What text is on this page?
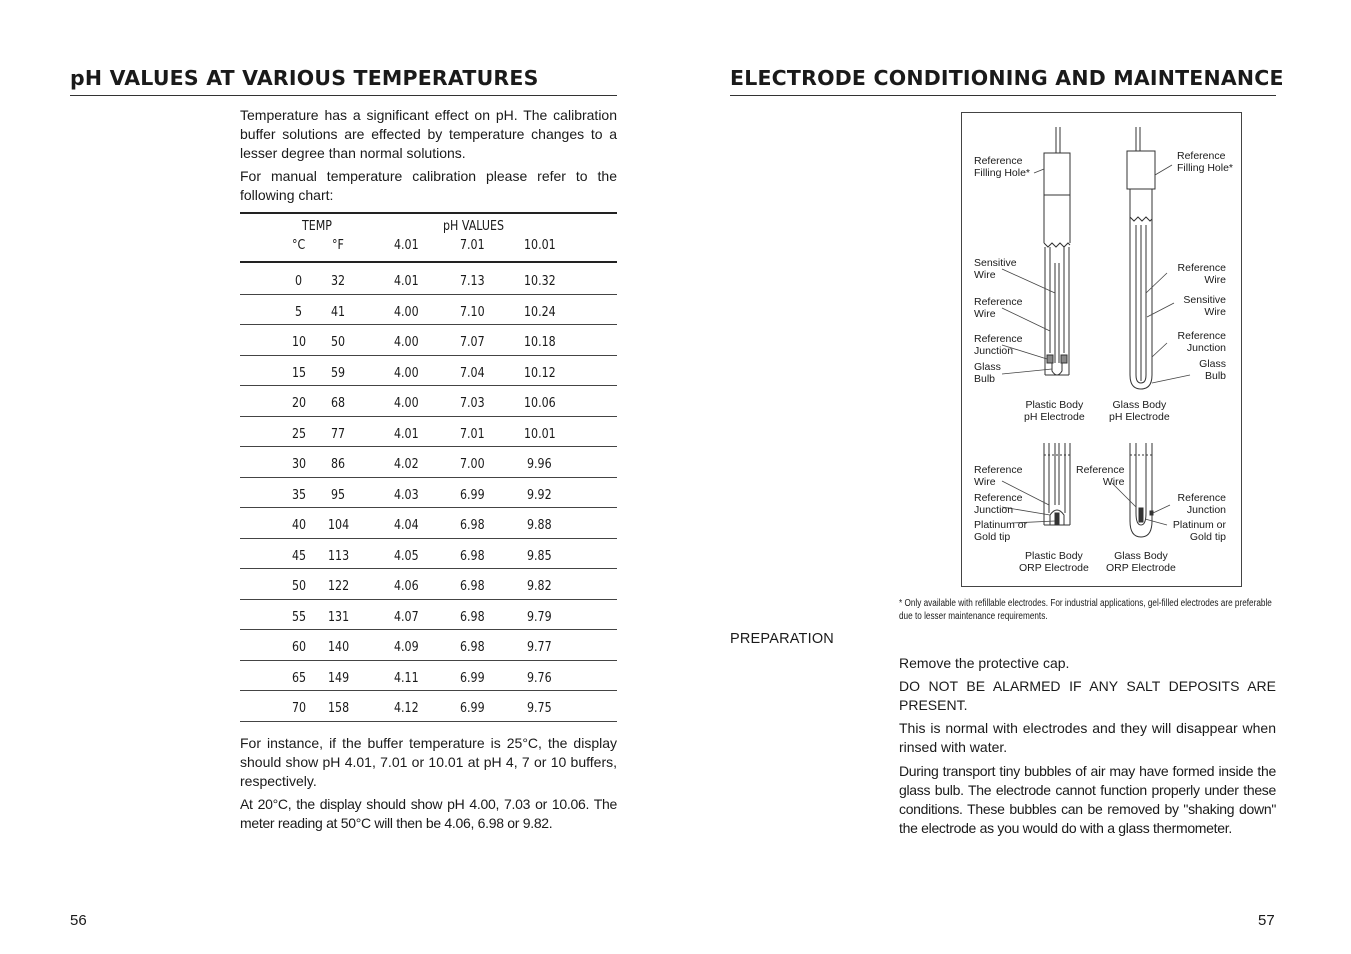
pH VALUES AT VARIOUS TEMPERATURES

Temperature has a significant effect on pH. The calibration buffer solutions are effected by temperature changes to a lesser degree than normal solutions.

For manual temperature calibration please refer to the following chart:

TEMP	pH VALUES
°C °F	4.01	7.01	10.01
0 32	4.01	7.13	10.32
5 41	4.00	7.10	10.24
10 50	4.00	7.07	10.18
15 59	4.00	7.04	10.12
20 68	4.00	7.03	10.06
25 77	4.01	7.01	10.01
30 86	4.02	7.00	9.96
35 95	4.03	6.99	9.92
40 104	4.04	6.98	9.88
45 113	4.05	6.98	9.85
50 122	4.06	6.98	9.82
55 131	4.07	6.98	9.79
60 140	4.09	6.98	9.77
65 149	4.11	6.99	9.76
70 158	4.12	6.99	9.75

For instance, if the buffer temperature is 25°C, the display should show pH 4.01, 7.01 or 10.01 at pH 4, 7 or 10 buffers, respectively.

At 20°C, the display should show pH 4.00, 7.03 or 10.06. The meter reading at 50°C will then be 4.06, 6.98 or 9.82.

56
ELECTRODE CONDITIONING AND MAINTENANCE
Reference
Filling Hole*
Reference
Filling Hole*
Sensitive
Wire
Reference
Wire
Reference
Wire
Sensitive
Wire
Reference
Junction
Reference
Junction
Glass
Bulb
Glass
Bulb
Plastic Body
pH Electrode
Glass Body
pH Electrode
Reference
Wire
Reference
Wire
Reference
Junction
Reference
Junction
Platinum or
Gold tip
Platinum or
Gold tip
Plastic Body
ORP Electrode
Glass Body
ORP Electrode
* Only available with refillable electrodes. For industrial applications, gel-filled electrodes are preferable due to lesser maintenance requirements.
PREPARATION

Remove the protective cap.

DO NOT BE ALARMED IF ANY SALT DEPOSITS ARE PRESENT.

This is normal with electrodes and they will disappear when rinsed with water.

During transport tiny bubbles of air may have formed inside the glass bulb. The electrode cannot function properly under these conditions. These bubbles can be removed by "shaking down" the electrode as you would do with a glass thermometer.

57
